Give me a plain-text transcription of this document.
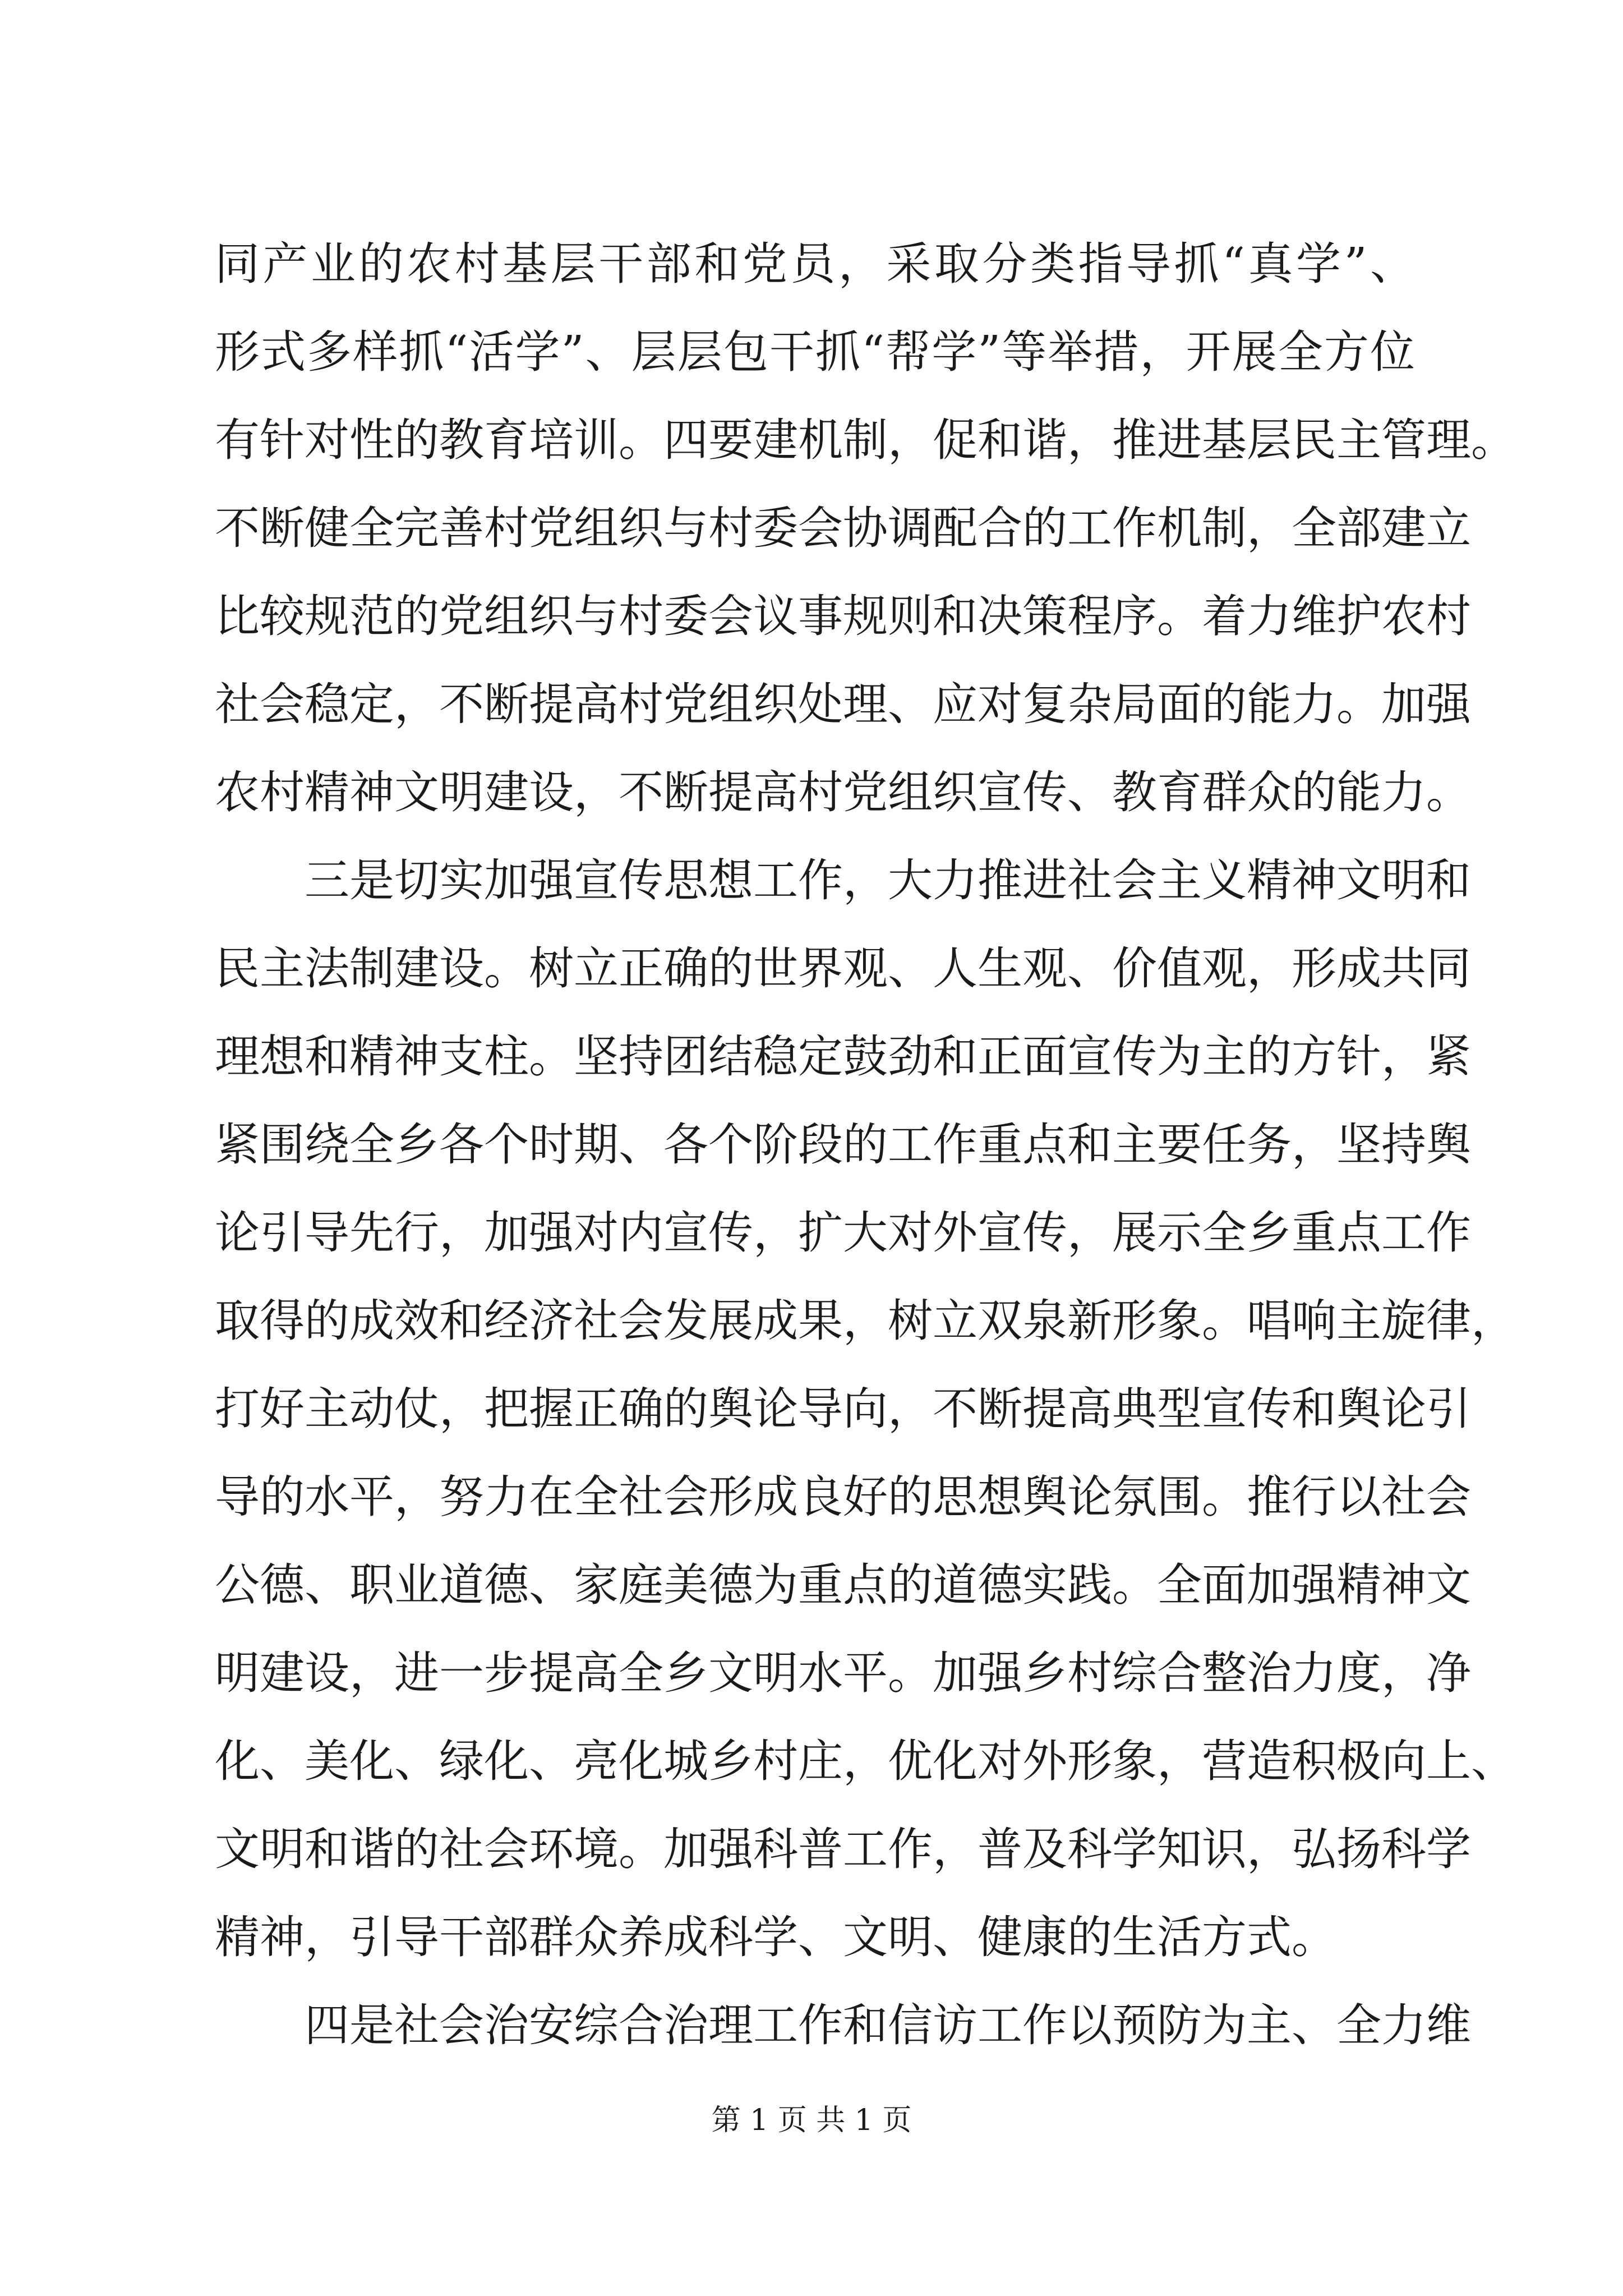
同产业的农村基层干部和党员，采取分类指导抓“真学”、
形式多样抓“活学”、层层包干抓“帮学”等举措，开展全方位
有针对性的教育培训。四要建机制，促和谐，推进基层民主管理。
不断健全完善村党组织与村委会协调配合的工作机制，全部建立
比较规范的党组织与村委会议事规则和决策程序。着力维护农村
社会稳定，不断提高村党组织处理、应对复杂局面的能力。加强
农村精神文明建设，不断提高村党组织宣传、教育群众的能力。
三是切实加强宣传思想工作，大力推进社会主义精神文明和
民主法制建设。树立正确的世界观、人生观、价值观，形成共同
理想和精神支柱。坚持团结稳定鼓劲和正面宣传为主的方针，紧
紧围绕全乡各个时期、各个阶段的工作重点和主要任务，坚持舆
论引导先行，加强对内宣传，扩大对外宣传，展示全乡重点工作
取得的成效和经济社会发展成果，树立双泉新形象。唱响主旋律，
打好主动仗，把握正确的舆论导向，不断提高典型宣传和舆论引
导的水平，努力在全社会形成良好的思想舆论氛围。推行以社会
公德、职业道德、家庭美德为重点的道德实践。全面加强精神文
明建设，进一步提高全乡文明水平。加强乡村综合整治力度，净
化、美化、绿化、亮化城乡村庄，优化对外形象，营造积极向上、
文明和谐的社会环境。加强科普工作，普及科学知识，弘扬科学
精神，引导干部群众养成科学、文明、健康的生活方式。
四是社会治安综合治理工作和信访工作以预防为主、全力维
第 1 页 共 1 页
